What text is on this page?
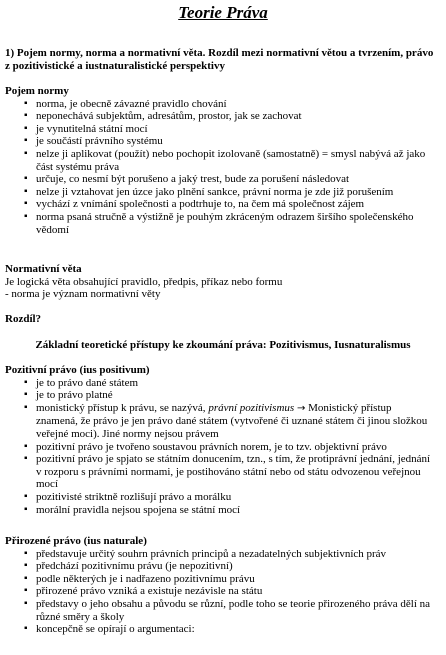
Teorie Práva
1) Pojem normy, norma a normativní věta. Rozdíl mezi normativní větou a tvrzením, právo z pozitivistické a iustnaturalistické perspektivy
Pojem normy
▪ norma, je obecně závazné pravidlo chování
▪ neponechává subjektům, adresátům, prostor, jak se zachovat
▪ je vynutitelná státní mocí
▪ je součástí právního systému
▪ nelze ji aplikovat (použít) nebo pochopit izolovaně (samostatně) = smysl nabývá až jako část systému práva
▪ určuje, co nesmí být porušeno a jaký trest, bude za porušení následovat
▪ nelze ji vztahovat jen úzce jako plnění sankce, právní norma je zde již porušením
▪ vychází z vnímání společnosti a podtrhuje to, na čem má společnost zájem
▪ norma psaná stručně a výstižně je pouhým zkráceným odrazem širšího společenského vědomí
Normativní věta
Je logická věta obsahující pravidlo, předpis, příkaz nebo formu
- norma je význam normativní věty
Rozdíl?
Základní teoretické přístupy ke zkoumání práva: Pozitivismus, Iusnaturalismus
Pozitivní právo (ius positivum)
▪ je to právo dané státem
▪ je to právo platné
▪ monistický přístup k právu, se nazývá, právní pozitivismus → Monistický přístup znamená, že právo je jen právo dané státem (vytvořené či uznané státem či jinou složkou veřejné moci). Jiné normy nejsou právem
▪ pozitivní právo je tvořeno soustavou právních norem, je to tzv. objektivní právo
▪ pozitivní právo je spjato se státním donucením, tzn., s tím, že protiprávní jednání, jednání v rozporu s právními normami, je postihováno státní nebo od státu odvozenou veřejnou mocí
▪ pozitivisté striktně rozlišují právo a morálku
▪ morální pravidla nejsou spojena se státní mocí
Přirozené právo (ius naturale)
▪ představuje určitý souhrn právních principů a nezadatelných subjektivních práv
▪ předchází pozitivnímu právu (je nepozitivní)
▪ podle některých je i nadřazeno pozitivnímu právu
▪ přirozené právo vzniká a existuje nezávisle na státu
▪ představy o jeho obsahu a původu se různí, podle toho se teorie přirozeného práva dělí na různé směry a školy
▪ koncepčně se opírají o argumentaci:
